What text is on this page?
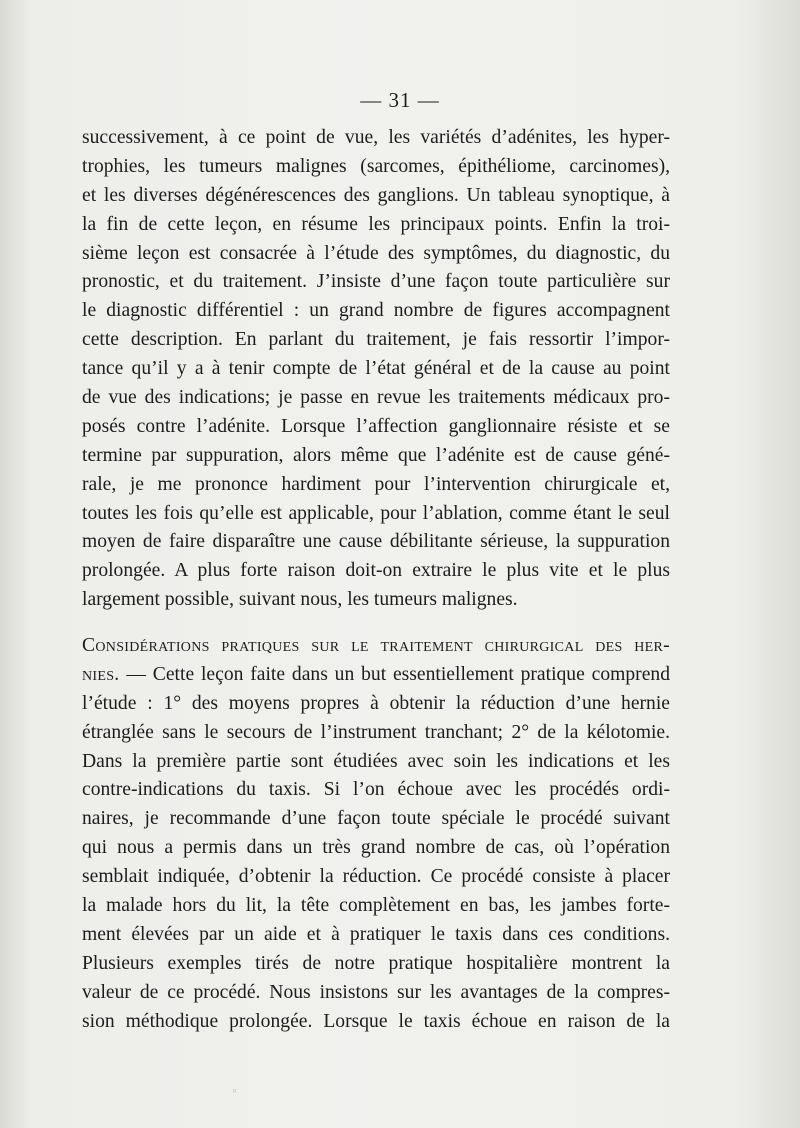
— 31 —
successivement, à ce point de vue, les variétés d’adénites, les hyper-
trophies, les tumeurs malignes (sarcomes, épithéliome, carcinomes),
et les diverses dégénérescences des ganglions. Un tableau synoptique, à
la fin de cette leçon, en résume les principaux points. Enfin la troi-
sième leçon est consacrée à l’étude des symptômes, du diagnostic, du
pronostic, et du traitement. J’insiste d’une façon toute particulière sur
le diagnostic différentiel : un grand nombre de figures accompagnent
cette description. En parlant du traitement, je fais ressortir l’impor-
tance qu’il y a à tenir compte de l’état général et de la cause au point
de vue des indications; je passe en revue les traitements médicaux pro-
posés contre l’adénite. Lorsque l’affection ganglionnaire résiste et se
termine par suppuration, alors même que l’adénite est de cause géné-
rale, je me prononce hardiment pour l’intervention chirurgicale et,
toutes les fois qu’elle est applicable, pour l’ablation, comme étant le seul
moyen de faire disparaître une cause débilitante sérieuse, la suppuration
prolongée. A plus forte raison doit-on extraire le plus vite et le plus
largement possible, suivant nous, les tumeurs malignes.
Considérations pratiques sur le traitement chirurgical des her-
nies. — Cette leçon faite dans un but essentiellement pratique comprend
l’étude : 1° des moyens propres à obtenir la réduction d’une hernie
étranglée sans le secours de l’instrument tranchant; 2° de la kélotomie.
Dans la première partie sont étudiées avec soin les indications et les
contre-indications du taxis. Si l’on échoue avec les procédés ordi-
naires, je recommande d’une façon toute spéciale le procédé suivant
qui nous a permis dans un très grand nombre de cas, où l’opération
semblait indiquée, d’obtenir la réduction. Ce procédé consiste à placer
la malade hors du lit, la tête complètement en bas, les jambes forte-
ment élevées par un aide et à pratiquer le taxis dans ces conditions.
Plusieurs exemples tirés de notre pratique hospitalière montrent la
valeur de ce procédé. Nous insistons sur les avantages de la compres-
sion méthodique prolongée. Lorsque le taxis échoue en raison de la
◦
